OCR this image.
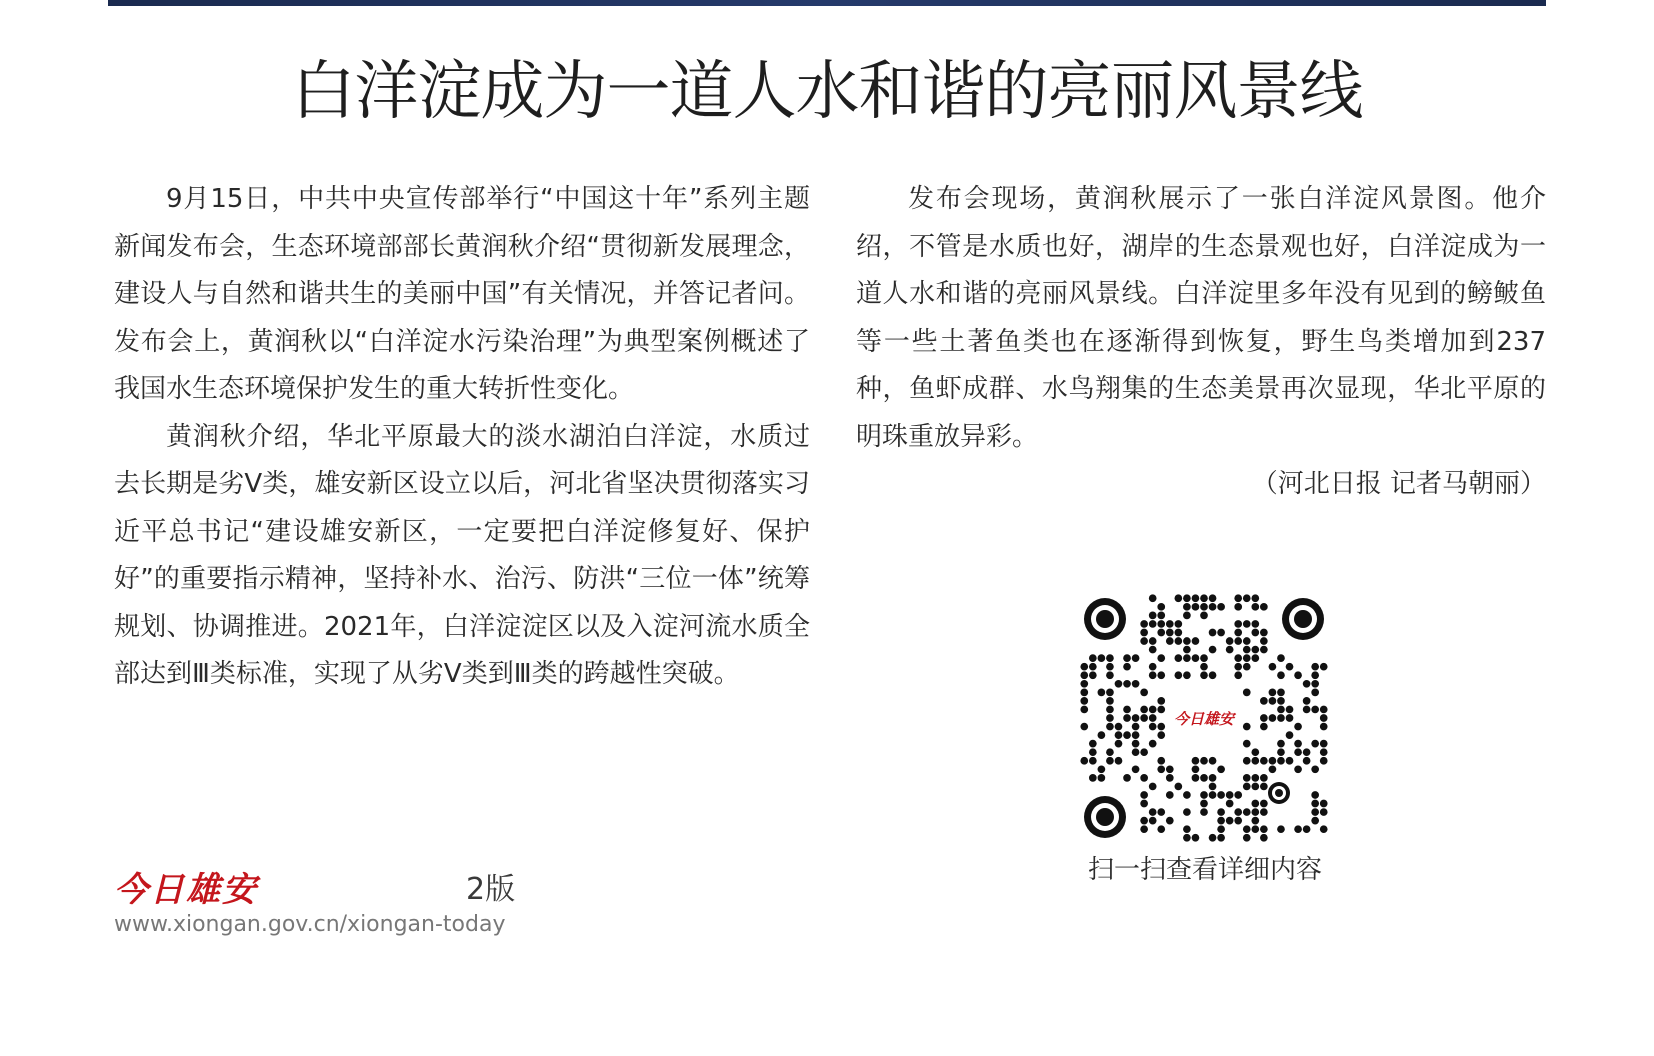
白洋淀成为一道人水和谐的亮丽风景线

9月15日，中共中央宣传部举行“中国这十年”系列主题新闻发布会，生态环境部部长黄润秋介绍“贯彻新发展理念，建设人与自然和谐共生的美丽中国”有关情况，并答记者问。发布会上，黄润秋以“白洋淀水污染治理”为典型案例概述了我国水生态环境保护发生的重大转折性变化。

黄润秋介绍，华北平原最大的淡水湖泊白洋淀，水质过去长期是劣V类，雄安新区设立以后，河北省坚决贯彻落实习近平总书记“建设雄安新区，一定要把白洋淀修复好、保护好”的重要指示精神，坚持补水、治污、防洪“三位一体”统筹规划、协调推进。2021年，白洋淀淀区以及入淀河流水质全部达到Ⅲ类标准，实现了从劣V类到Ⅲ类的跨越性突破。

发布会现场，黄润秋展示了一张白洋淀风景图。他介绍，不管是水质也好，湖岸的生态景观也好，白洋淀成为一道人水和谐的亮丽风景线。白洋淀里多年没有见到的鳑鲏鱼等一些土著鱼类也在逐渐得到恢复，野生鸟类增加到237种，鱼虾成群、水鸟翔集的生态美景再次显现，华北平原的明珠重放异彩。

（河北日报 记者马朝丽）

今日雄安
扫一扫查看详细内容
今日雄安	2版
www.xiongan.gov.cn/xiongan-today
